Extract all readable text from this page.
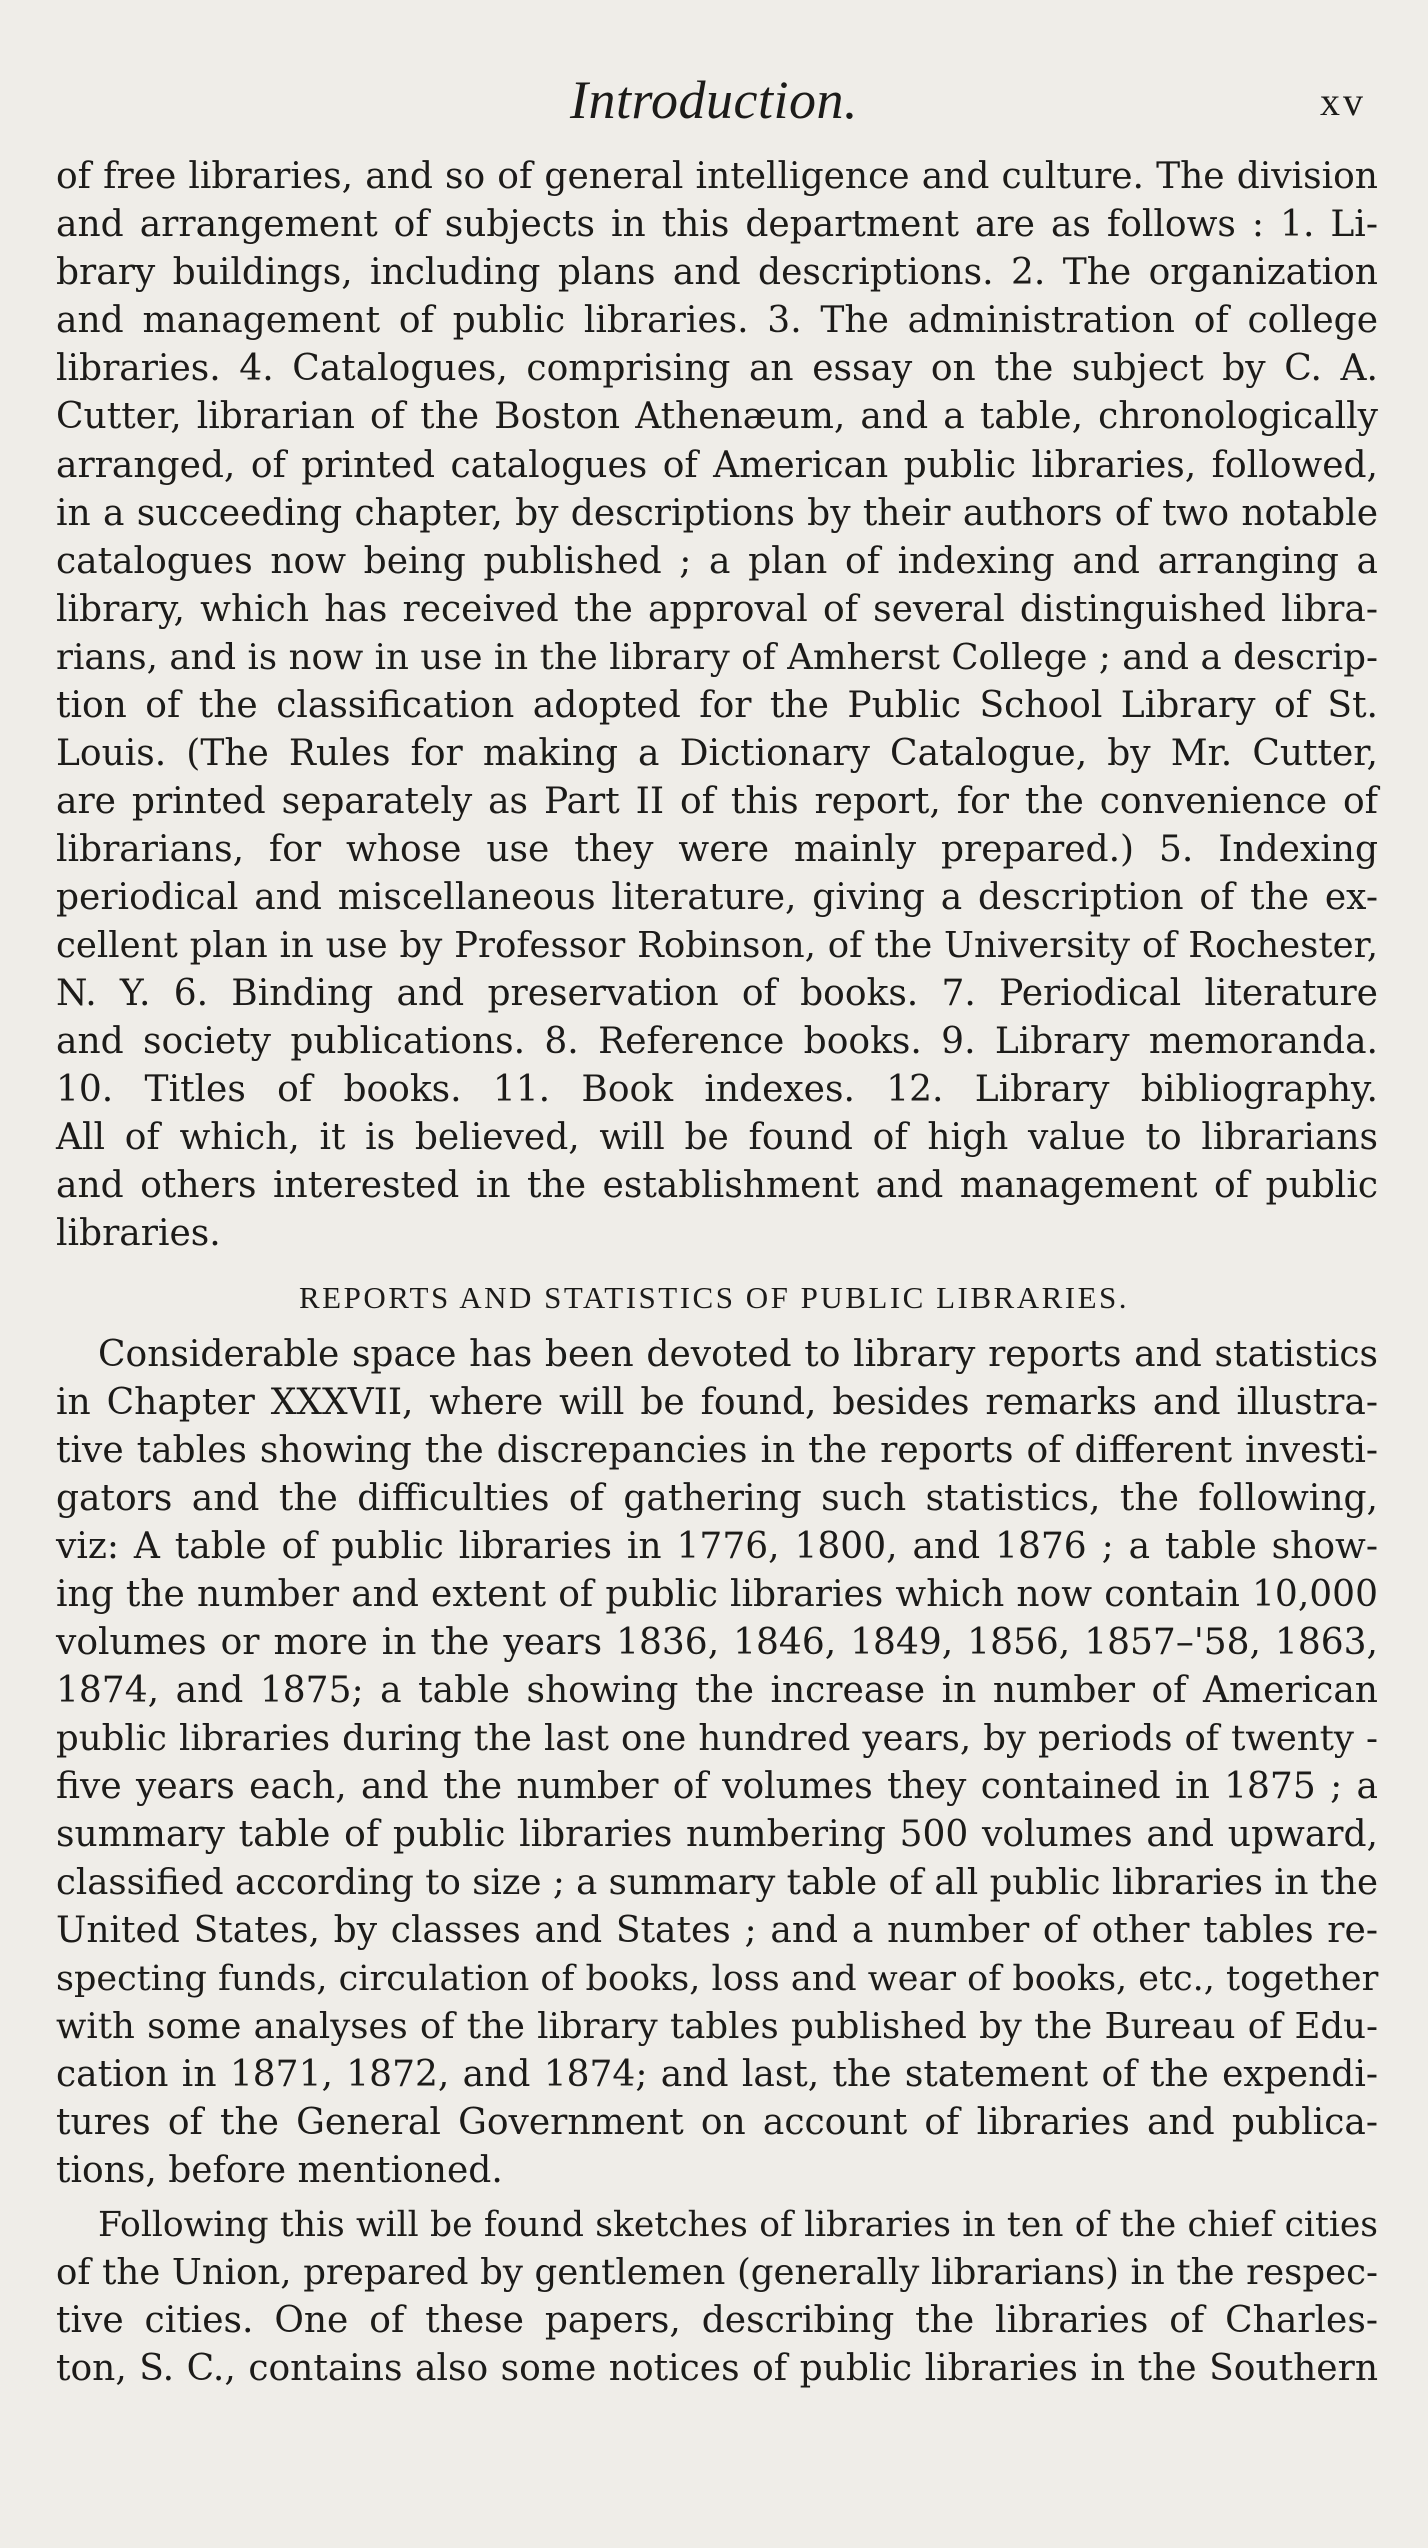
Introduction.	xv

of free libraries, and so of general intelligence and culture. The division

and arrangement of subjects in this department are as follows : 1. Li-

brary buildings, including plans and descriptions. 2. The organization

and management of public libraries. 3. The administration of college

libraries. 4. Catalogues, comprising an essay on the subject by C. A.

Cutter, librarian of the Boston Athenæum, and a table, chronologically

arranged, of printed catalogues of American public libraries, followed,

in a succeeding chapter, by descriptions by their authors of two notable

catalogues now being published ; a plan of indexing and arranging a

library, which has received the approval of several distinguished libra-

rians, and is now in use in the library of Amherst College ; and a descrip-

tion of the classification adopted for the Public School Library of St.

Louis. (The Rules for making a Dictionary Catalogue, by Mr. Cutter,

are printed separately as Part II of this report, for the convenience of

librarians, for whose use they were mainly prepared.) 5. Indexing

periodical and miscellaneous literature, giving a description of the ex-

cellent plan in use by Professor Robinson, of the University of Rochester,

N. Y. 6. Binding and preservation of books. 7. Periodical literature

and society publications. 8. Reference books. 9. Library memoranda.

10. Titles of books. 11. Book indexes. 12. Library bibliography.

All of which, it is believed, will be found of high value to librarians

and others interested in the establishment and management of public

libraries.

REPORTS AND STATISTICS OF PUBLIC LIBRARIES.

Considerable space has been devoted to library reports and statistics

in Chapter XXXVII, where will be found, besides remarks and illustra-

tive tables showing the discrepancies in the reports of different investi-

gators and the difficulties of gathering such statistics, the following,

viz: A table of public libraries in 1776, 1800, and 1876 ; a table show-

ing the number and extent of public libraries which now contain 10,000

volumes or more in the years 1836, 1846, 1849, 1856, 1857–'58, 1863,

1874, and 1875; a table showing the increase in number of American

public libraries during the last one hundred years, by periods of twenty -

five years each, and the number of volumes they contained in 1875 ; a

summary table of public libraries numbering 500 volumes and upward,

classified according to size ; a summary table of all public libraries in the

United States, by classes and States ; and a number of other tables re-

specting funds, circulation of books, loss and wear of books, etc., together

with some analyses of the library tables published by the Bureau of Edu-

cation in 1871, 1872, and 1874; and last, the statement of the expendi-

tures of the General Government on account of libraries and publica-

tions, before mentioned.

Following this will be found sketches of libraries in ten of the chief cities

of the Union, prepared by gentlemen (generally librarians) in the respec-

tive cities. One of these papers, describing the libraries of Charles-

ton, S. C., contains also some notices of public libraries in the Southern
